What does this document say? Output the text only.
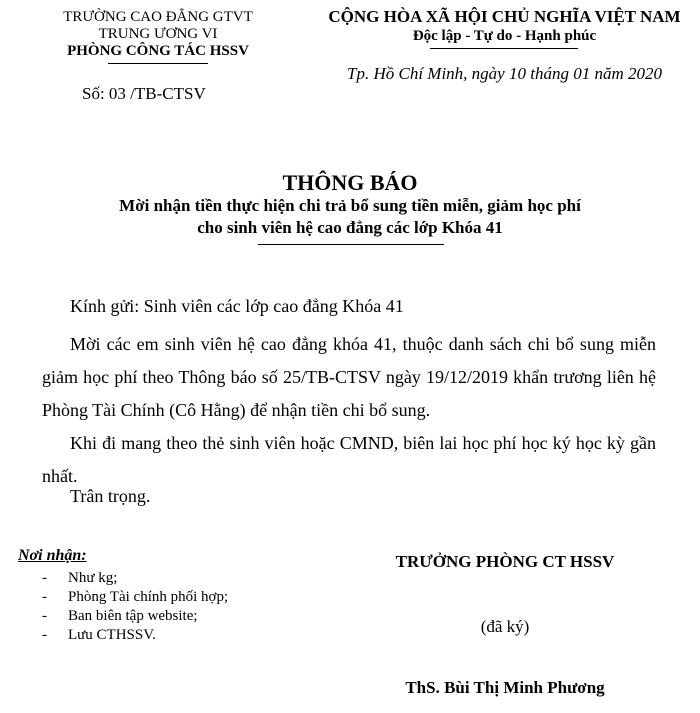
TRƯỜNG CAO ĐẲNG GTVT
TRUNG ƯƠNG VI
PHÒNG CÔNG TÁC HSSV
CỘNG HÒA XÃ HỘI CHỦ NGHĨA VIỆT NAM
Độc lập - Tự do - Hạnh phúc
Số: 03 /TB-CTSV
Tp. Hồ Chí Minh, ngày 10 tháng 01 năm 2020
THÔNG BÁO
Mời nhận tiền thực hiện chi trả bổ sung tiền miễn, giảm học phí
cho sinh viên hệ cao đẳng các lớp Khóa 41
Kính gửi: Sinh viên các lớp cao đẳng Khóa 41

Mời các em sinh viên hệ cao đẳng khóa 41, thuộc danh sách chi bổ sung miễn giảm học phí theo Thông báo số 25/TB-CTSV ngày 19/12/2019 khẩn trương liên hệ Phòng Tài Chính (Cô Hằng) để nhận tiền chi bổ sung.

Khi đi mang theo thẻ sinh viên hoặc CMND, biên lai học phí học ký học kỳ gần nhất.

Trân trọng.

Nơi nhận:
- Như kg;
- Phòng Tài chính phối hợp;
- Ban biên tập website;
- Lưu CTHSSV.
TRƯỞNG PHÒNG CT HSSV
(đã ký)
ThS. Bùi Thị Minh Phương
